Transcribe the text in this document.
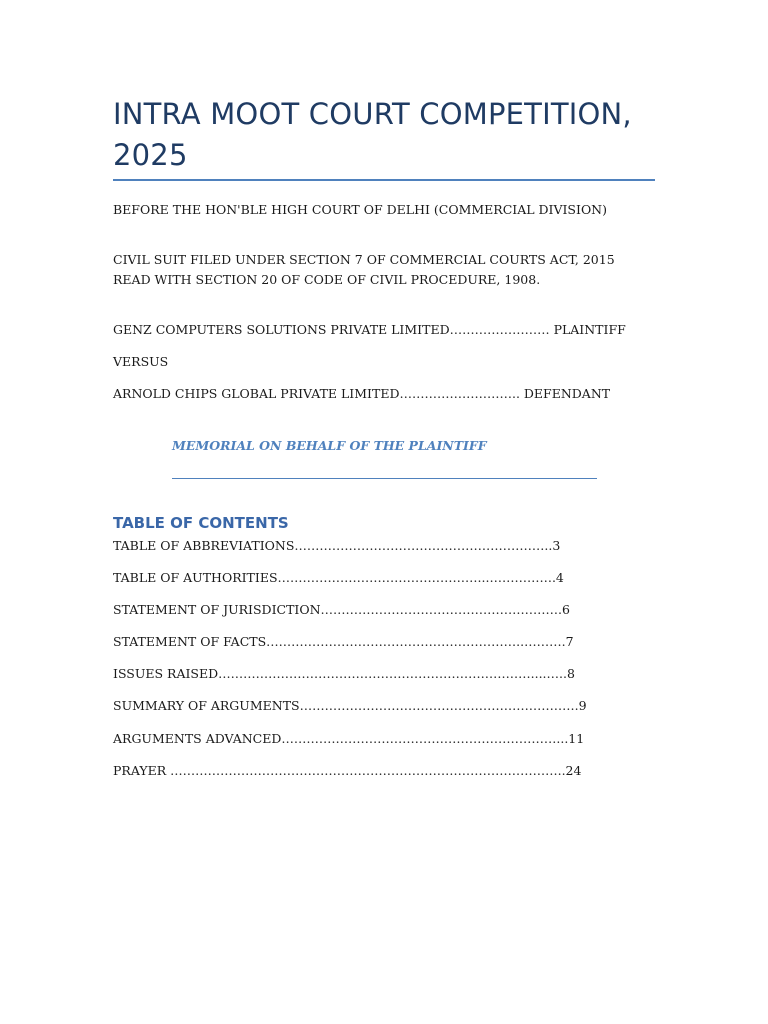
INTRA MOOT COURT COMPETITION, 2025
BEFORE THE HON'BLE HIGH COURT OF DELHI (COMMERCIAL DIVISION)
CIVIL SUIT FILED UNDER SECTION 7 OF COMMERCIAL COURTS ACT, 2015
READ WITH SECTION 20 OF CODE OF CIVIL PROCEDURE, 1908.
GENZ COMPUTERS SOLUTIONS PRIVATE LIMITED…………………… PLAINTIFF
VERSUS
ARNOLD CHIPS GLOBAL PRIVATE LIMITED……………………….. DEFENDANT
MEMORIAL ON BEHALF OF THE PLAINTIFF
TABLE OF CONTENTS
TABLE OF ABBREVIATIONS……………………………………………………..3
TABLE OF AUTHORITIES…………………………………………...…………….4
STATEMENT OF JURISDICTION………………………………………………….6
STATEMENT OF FACTS……………………………………………………..……….7
ISSUES RAISED…………………………………………………………………....…..8
SUMMARY OF ARGUMENTS………………………………………………………….9
ARGUMENTS ADVANCED…………………………………………………………...11
PRAYER …………………………………………………………………………………..24
